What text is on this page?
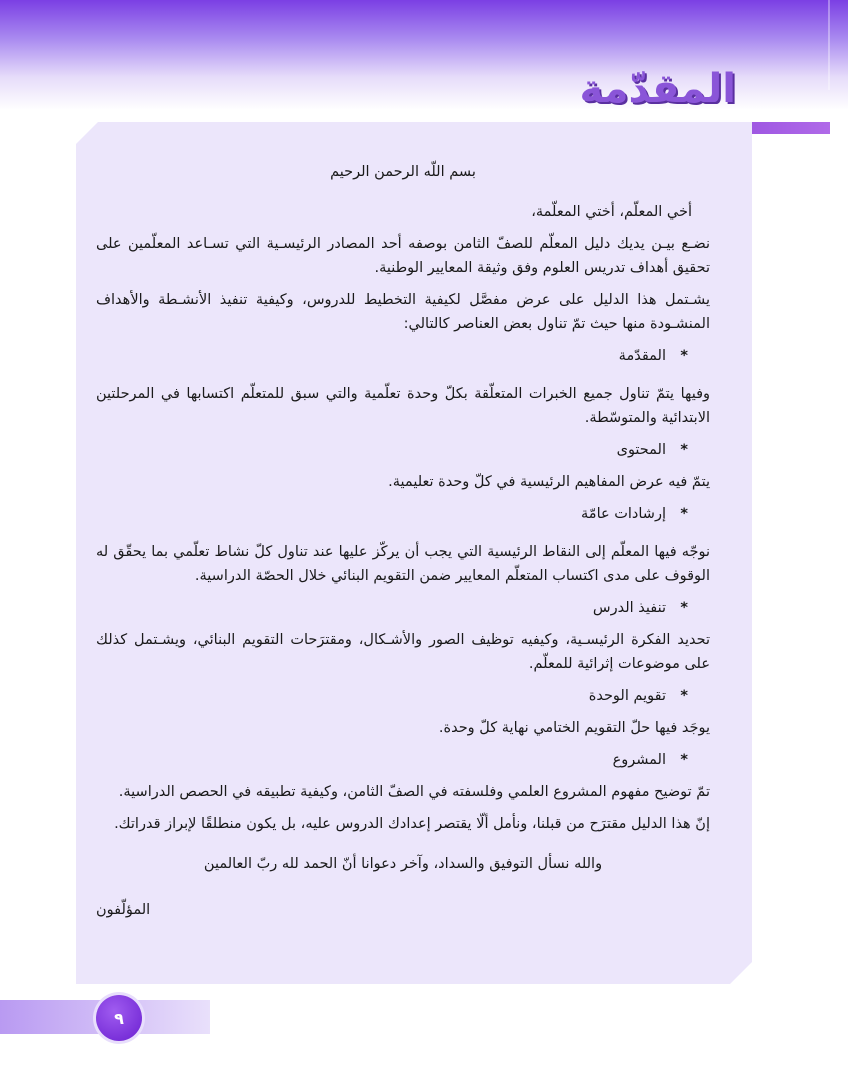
المقدّمة

بسم اللّه الرحمن الرحيم

أخي المعلّم، أختي المعلّمة،

نضـع بيـن يديك دليل المعلّم للصفّ الثامن بوصفه أحد المصادر الرئيسـية التي تسـاعد المعلّمين على تحقيق أهداف تدريس العلوم وفق وثيقة المعايير الوطنية.

يشـتمل هذا الدليل على عرض مفصَّل لكيفية التخطيط للدروس، وكيفية تنفيذ الأنشـطة والأهداف المنشـودة منها حيث تمّ تناول بعض العناصر كالتالي:

*المقدّمة

وفيها يتمّ تناول جميع الخبرات المتعلّقة بكلّ وحدة تعلّمية والتي سبق للمتعلّم اكتسابها في المرحلتين الابتدائية والمتوسّطة.

*المحتوى

يتمّ فيه عرض المفاهيم الرئيسية في كلّ وحدة تعليمية.

*إرشادات عامّة

نوجّه فيها المعلّم إلى النقاط الرئيسية التي يجب أن يركّز عليها عند تناول كلّ نشاط تعلّمي بما يحقّق له الوقوف على مدى اكتساب المتعلّم المعايير ضمن التقويم البنائي خلال الحصّة الدراسية.

*تنفيذ الدرس

تحديد الفكرة الرئيسـية، وكيفيه توظيف الصور والأشـكال، ومقترَحات التقويم البنائي، ويشـتمل كذلك على موضوعات إثرائية للمعلّم.

*تقويم الوحدة

يوجَد فيها حلّ التقويم الختامي نهاية كلّ وحدة.

*المشروع

تمّ توضيح مفهوم المشروع العلمي وفلسفته في الصفّ الثامن، وكيفية تطبيقه في الحصص الدراسية.

إنّ هذا الدليل مقترَح من قبلنا، ونأمل ألّا يقتصر إعدادك الدروس عليه، بل يكون منطلقًا لإبراز قدراتك.

والله نسأل التوفيق والسداد، وآخر دعوانا أنّ الحمد لله ربّ العالمين

المؤلّفون

٩
